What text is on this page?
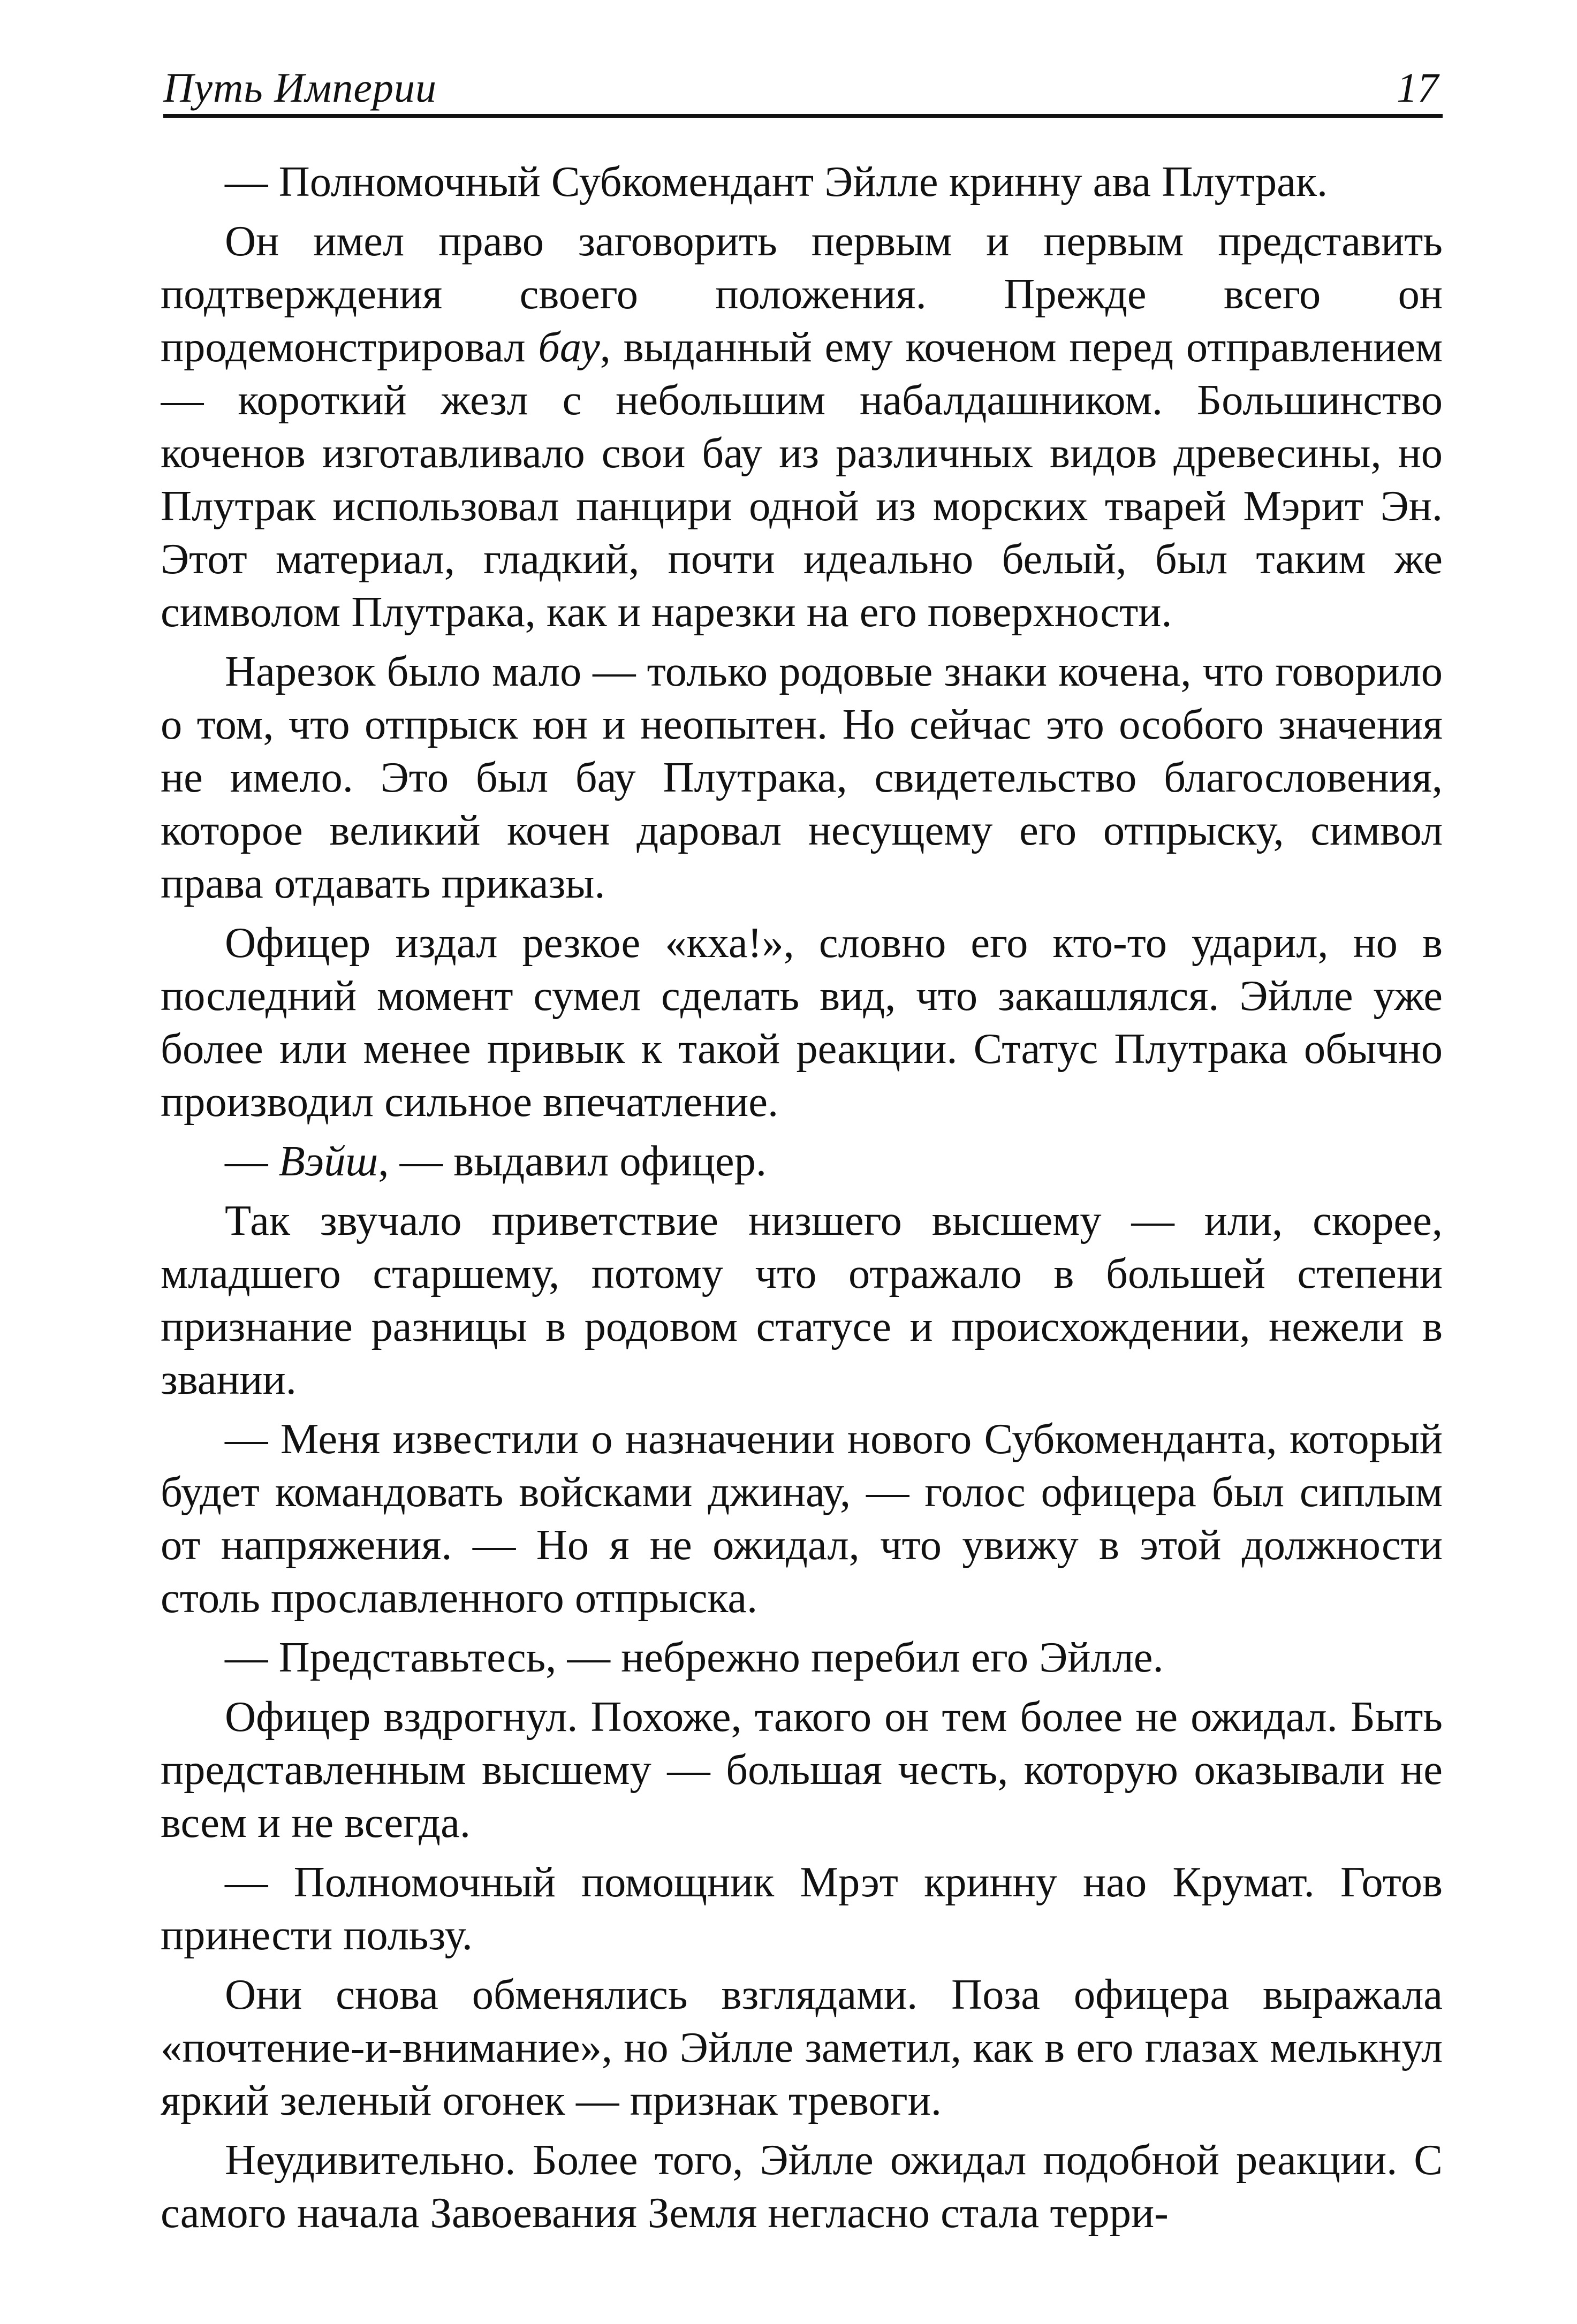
Путь Империи	17

— Полномочный Субкомендант Эйлле кринну ава Плутрак.

Он имел право заговорить первым и первым представить подтверждения своего положения. Прежде всего он продемонстрировал бау, выданный ему коченом перед отправлением — короткий жезл с небольшим набалдашником. Большинство коченов изготавливало свои бау из различных видов древесины, но Плутрак использовал панцири одной из морских тварей Мэрит Эн. Этот материал, гладкий, почти идеально белый, был таким же символом Плутрака, как и нарезки на его поверхности.

Нарезок было мало — только родовые знаки кочена, что говорило о том, что отпрыск юн и неопытен. Но сейчас это особого значения не имело. Это был бау Плутрака, свидетельство благословения, которое великий кочен даровал несущему его отпрыску, символ права отдавать приказы.

Офицер издал резкое «кха!», словно его кто-то ударил, но в последний момент сумел сделать вид, что закашлялся. Эйлле уже более или менее привык к такой реакции. Статус Плутрака обычно производил сильное впечатление.

— Вэйш, — выдавил офицер.

Так звучало приветствие низшего высшему — или, скорее, младшего старшему, потому что отражало в большей степени признание разницы в родовом статусе и происхождении, нежели в звании.

— Меня известили о назначении нового Субкоменданта, который будет командовать войсками джинау, — голос офицера был сиплым от напряжения. — Но я не ожидал, что увижу в этой должности столь прославленного отпрыска.

— Представьтесь, — небрежно перебил его Эйлле.

Офицер вздрогнул. Похоже, такого он тем более не ожидал. Быть представленным высшему — большая честь, которую оказывали не всем и не всегда.

— Полномочный помощник Мрэт кринну нао Крумат. Готов принести пользу.

Они снова обменялись взглядами. Поза офицера выражала «почтение-и-внимание», но Эйлле заметил, как в его глазах мелькнул яркий зеленый огонек — признак тревоги.

Неудивительно. Более того, Эйлле ожидал подобной реакции. С самого начала Завоевания Земля негласно стала терри-
